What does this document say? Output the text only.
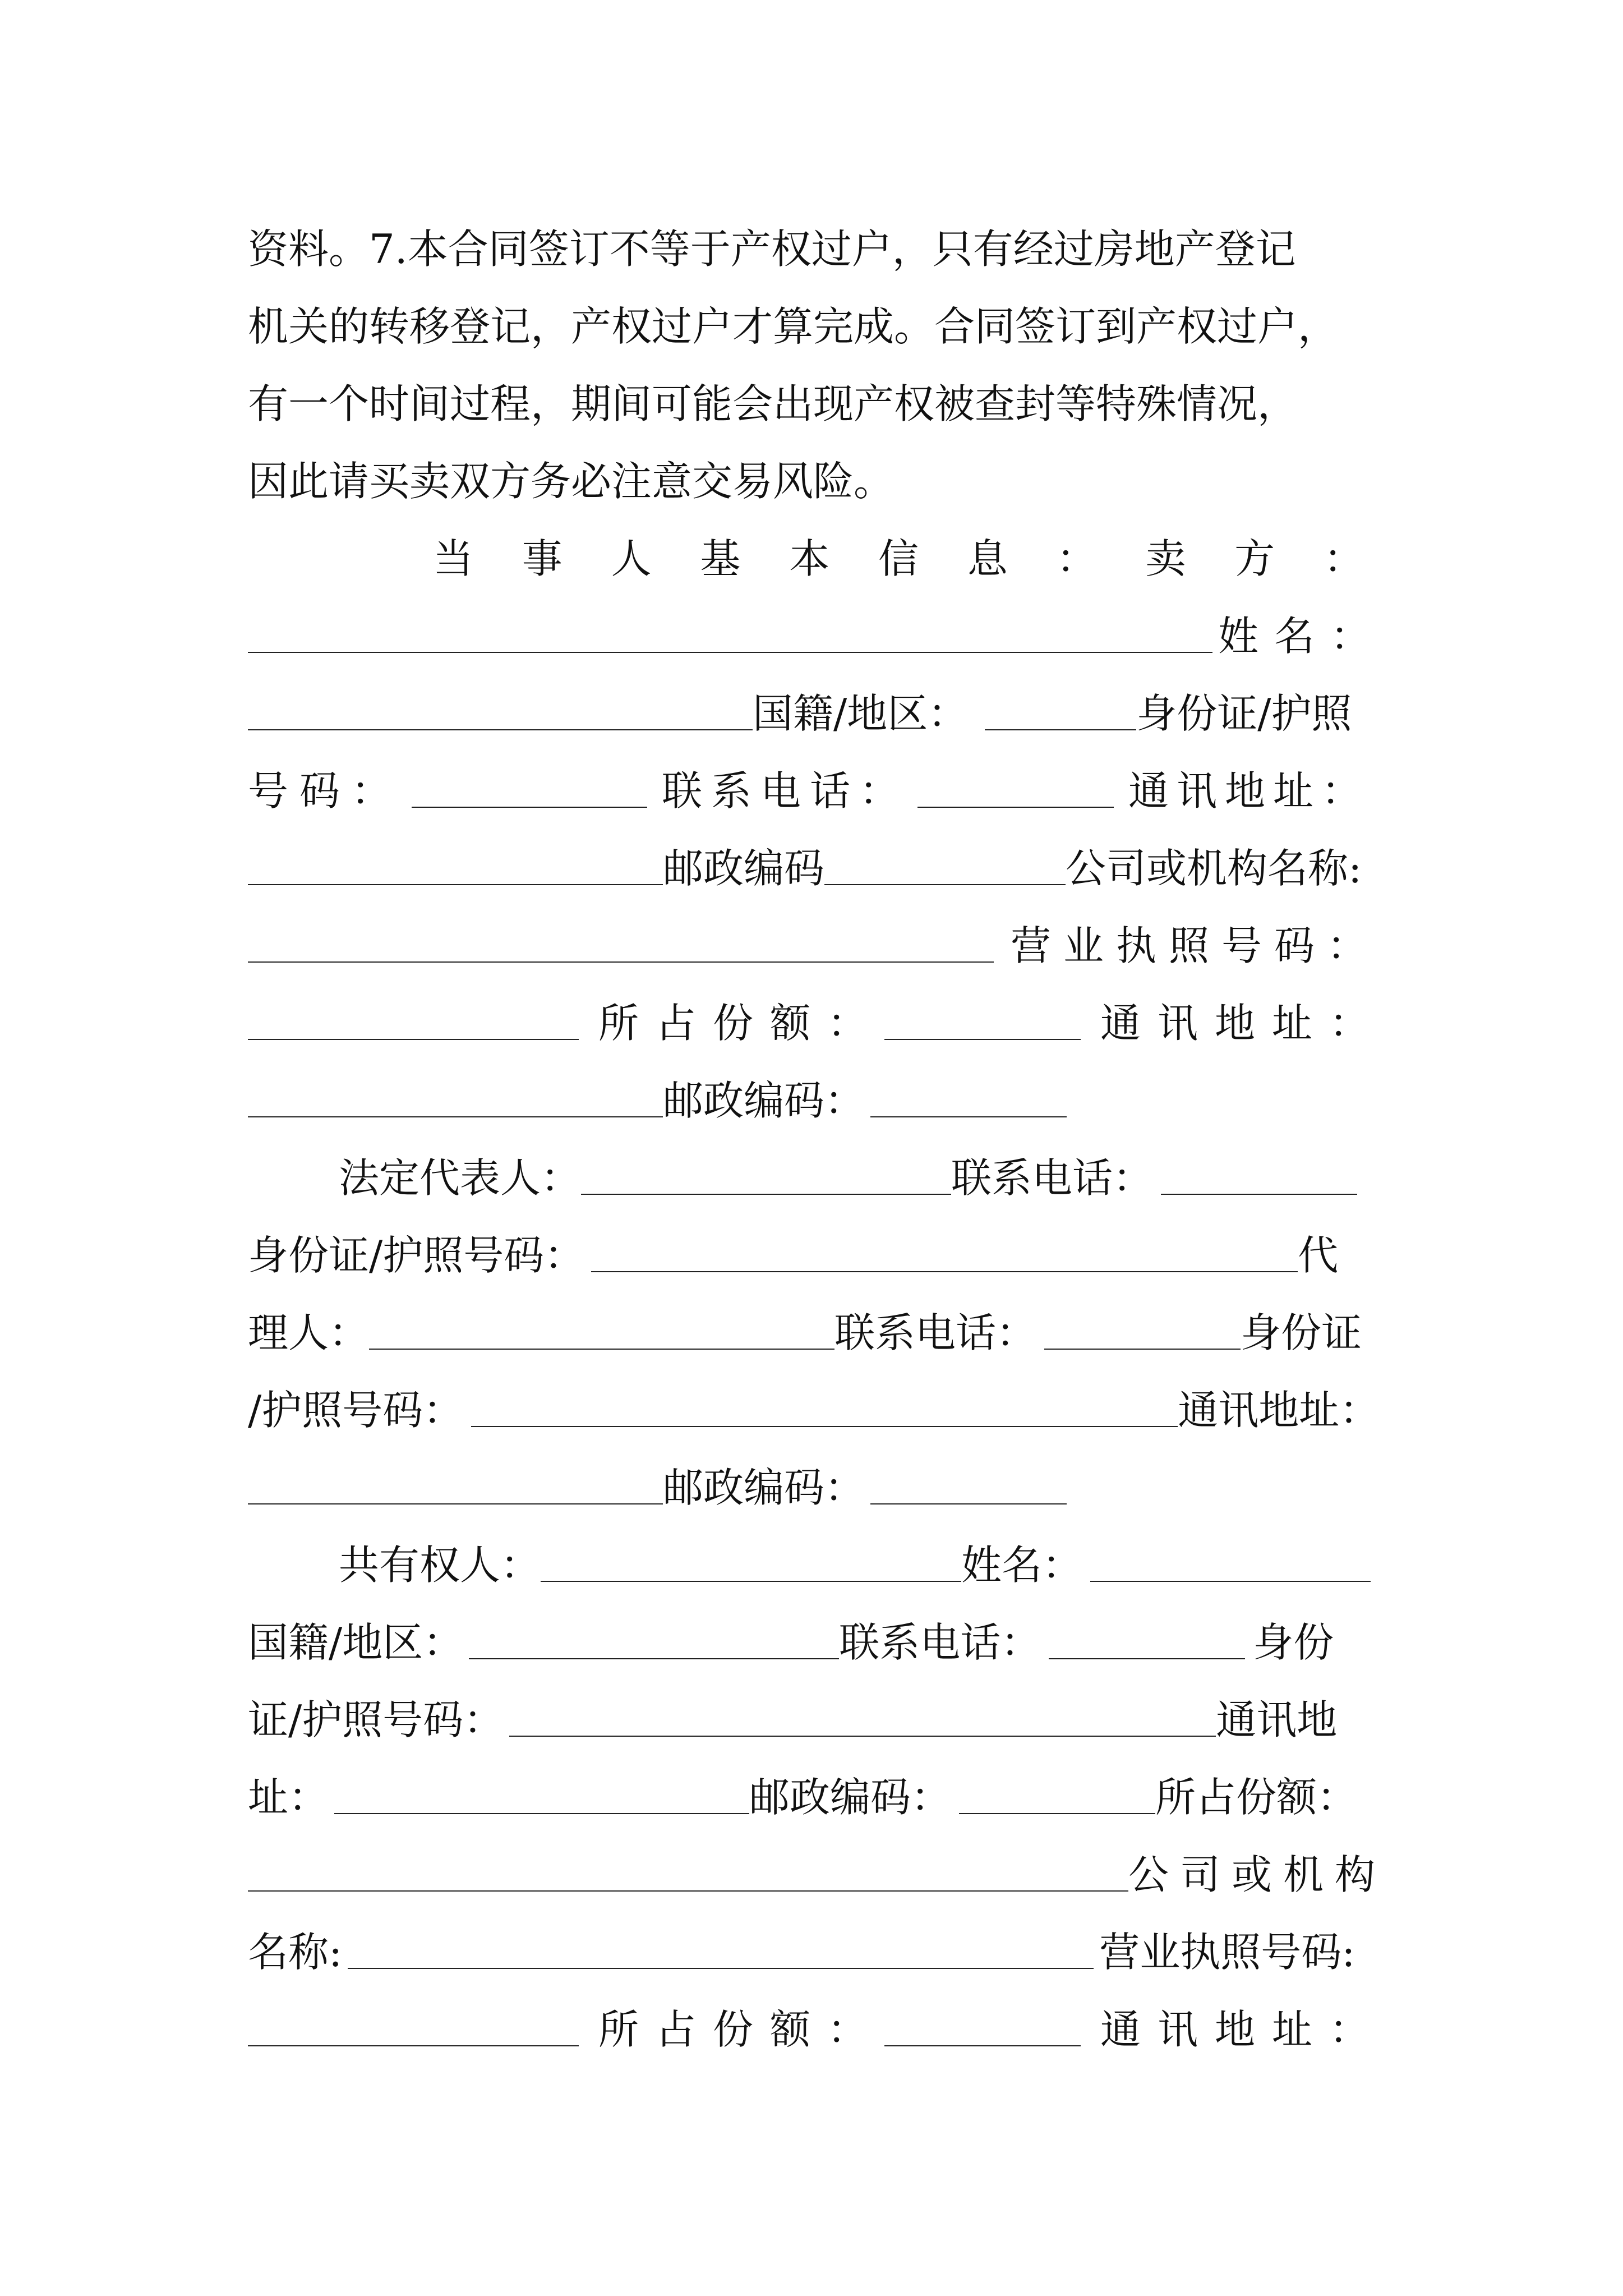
资料。7.本合同签订不等于产权过户，只有经过房地产登记
机关的转移登记，产权过户才算完成。合同签订到产权过户，
有一个时间过程，期间可能会出现产权被查封等特殊情况，
因此请买卖双方务必注意交易风险。
当 事 人 基 本 信 息 ： 卖 方 ：
姓名：
国籍/地区：	身份证/护照
号码：	联系电话：	通讯地址：
邮政编码	公司或机构名称:
营业执照号码：
所占份额：	通讯地址：
邮政编码：
法定代表人：	联系电话：
身份证/护照号码：	代
理人：	联系电话：	身份证
/护照号码：	通讯地址：
邮政编码：
共有权人：	姓名：
国籍/地区：	联系电话：	身份
证/护照号码：	通讯地
址：	邮政编码：	所占份额：
公司或机构
名称:	营业执照号码:
所占份额：	通讯地址：
